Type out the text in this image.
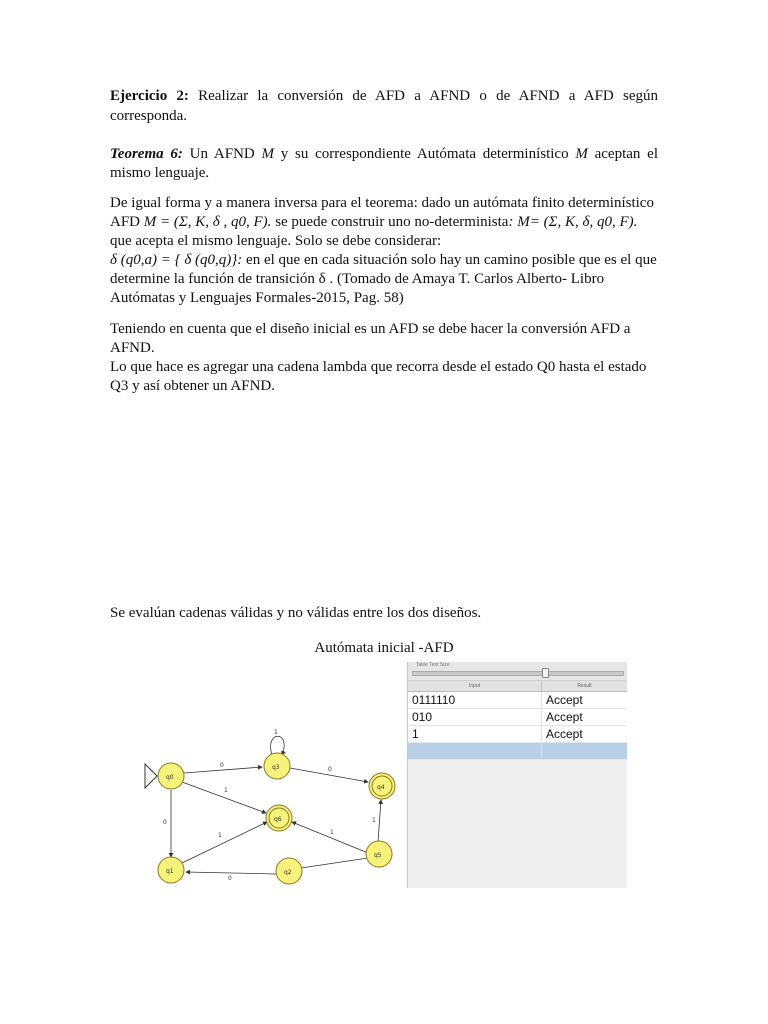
Ejercicio 2: Realizar la conversión de AFD a AFND o de AFND a AFD según corresponda.

Teorema 6: Un AFND M y su correspondiente Autómata determinístico M aceptan el mismo lenguaje.

De igual forma y a manera inversa para el teorema: dado un autómata finito determinístico AFD M = (Σ, K, δ , q0, F). se puede construir uno no-determinista: M= (Σ, K, δ, q0, F). que acepta el mismo lenguaje. Solo se debe considerar:
δ (q0,a) = { δ (q0,q)}: en el que en cada situación solo hay un camino posible que es el que determine la función de transición δ . (Tomado de Amaya T. Carlos Alberto- Libro Autómatas y Lenguajes Formales-2015, Pag. 58)

Teniendo en cuenta que el diseño inicial es un AFD se debe hacer la conversión AFD a AFND.
Lo que hace es agregar una cadena lambda que recorra desde el estado Q0 hasta el estado Q3 y así obtener un AFND.

Se evalúan cadenas válidas y no válidas entre los dos diseños.

Autómata inicial -AFD
0
1
0
1
0
1
1
1
0
q0
q3
q4
q6
q1	q2
q5
Table Text Size
Input	Result
0111110	Accept
010	Accept
1	Accept
